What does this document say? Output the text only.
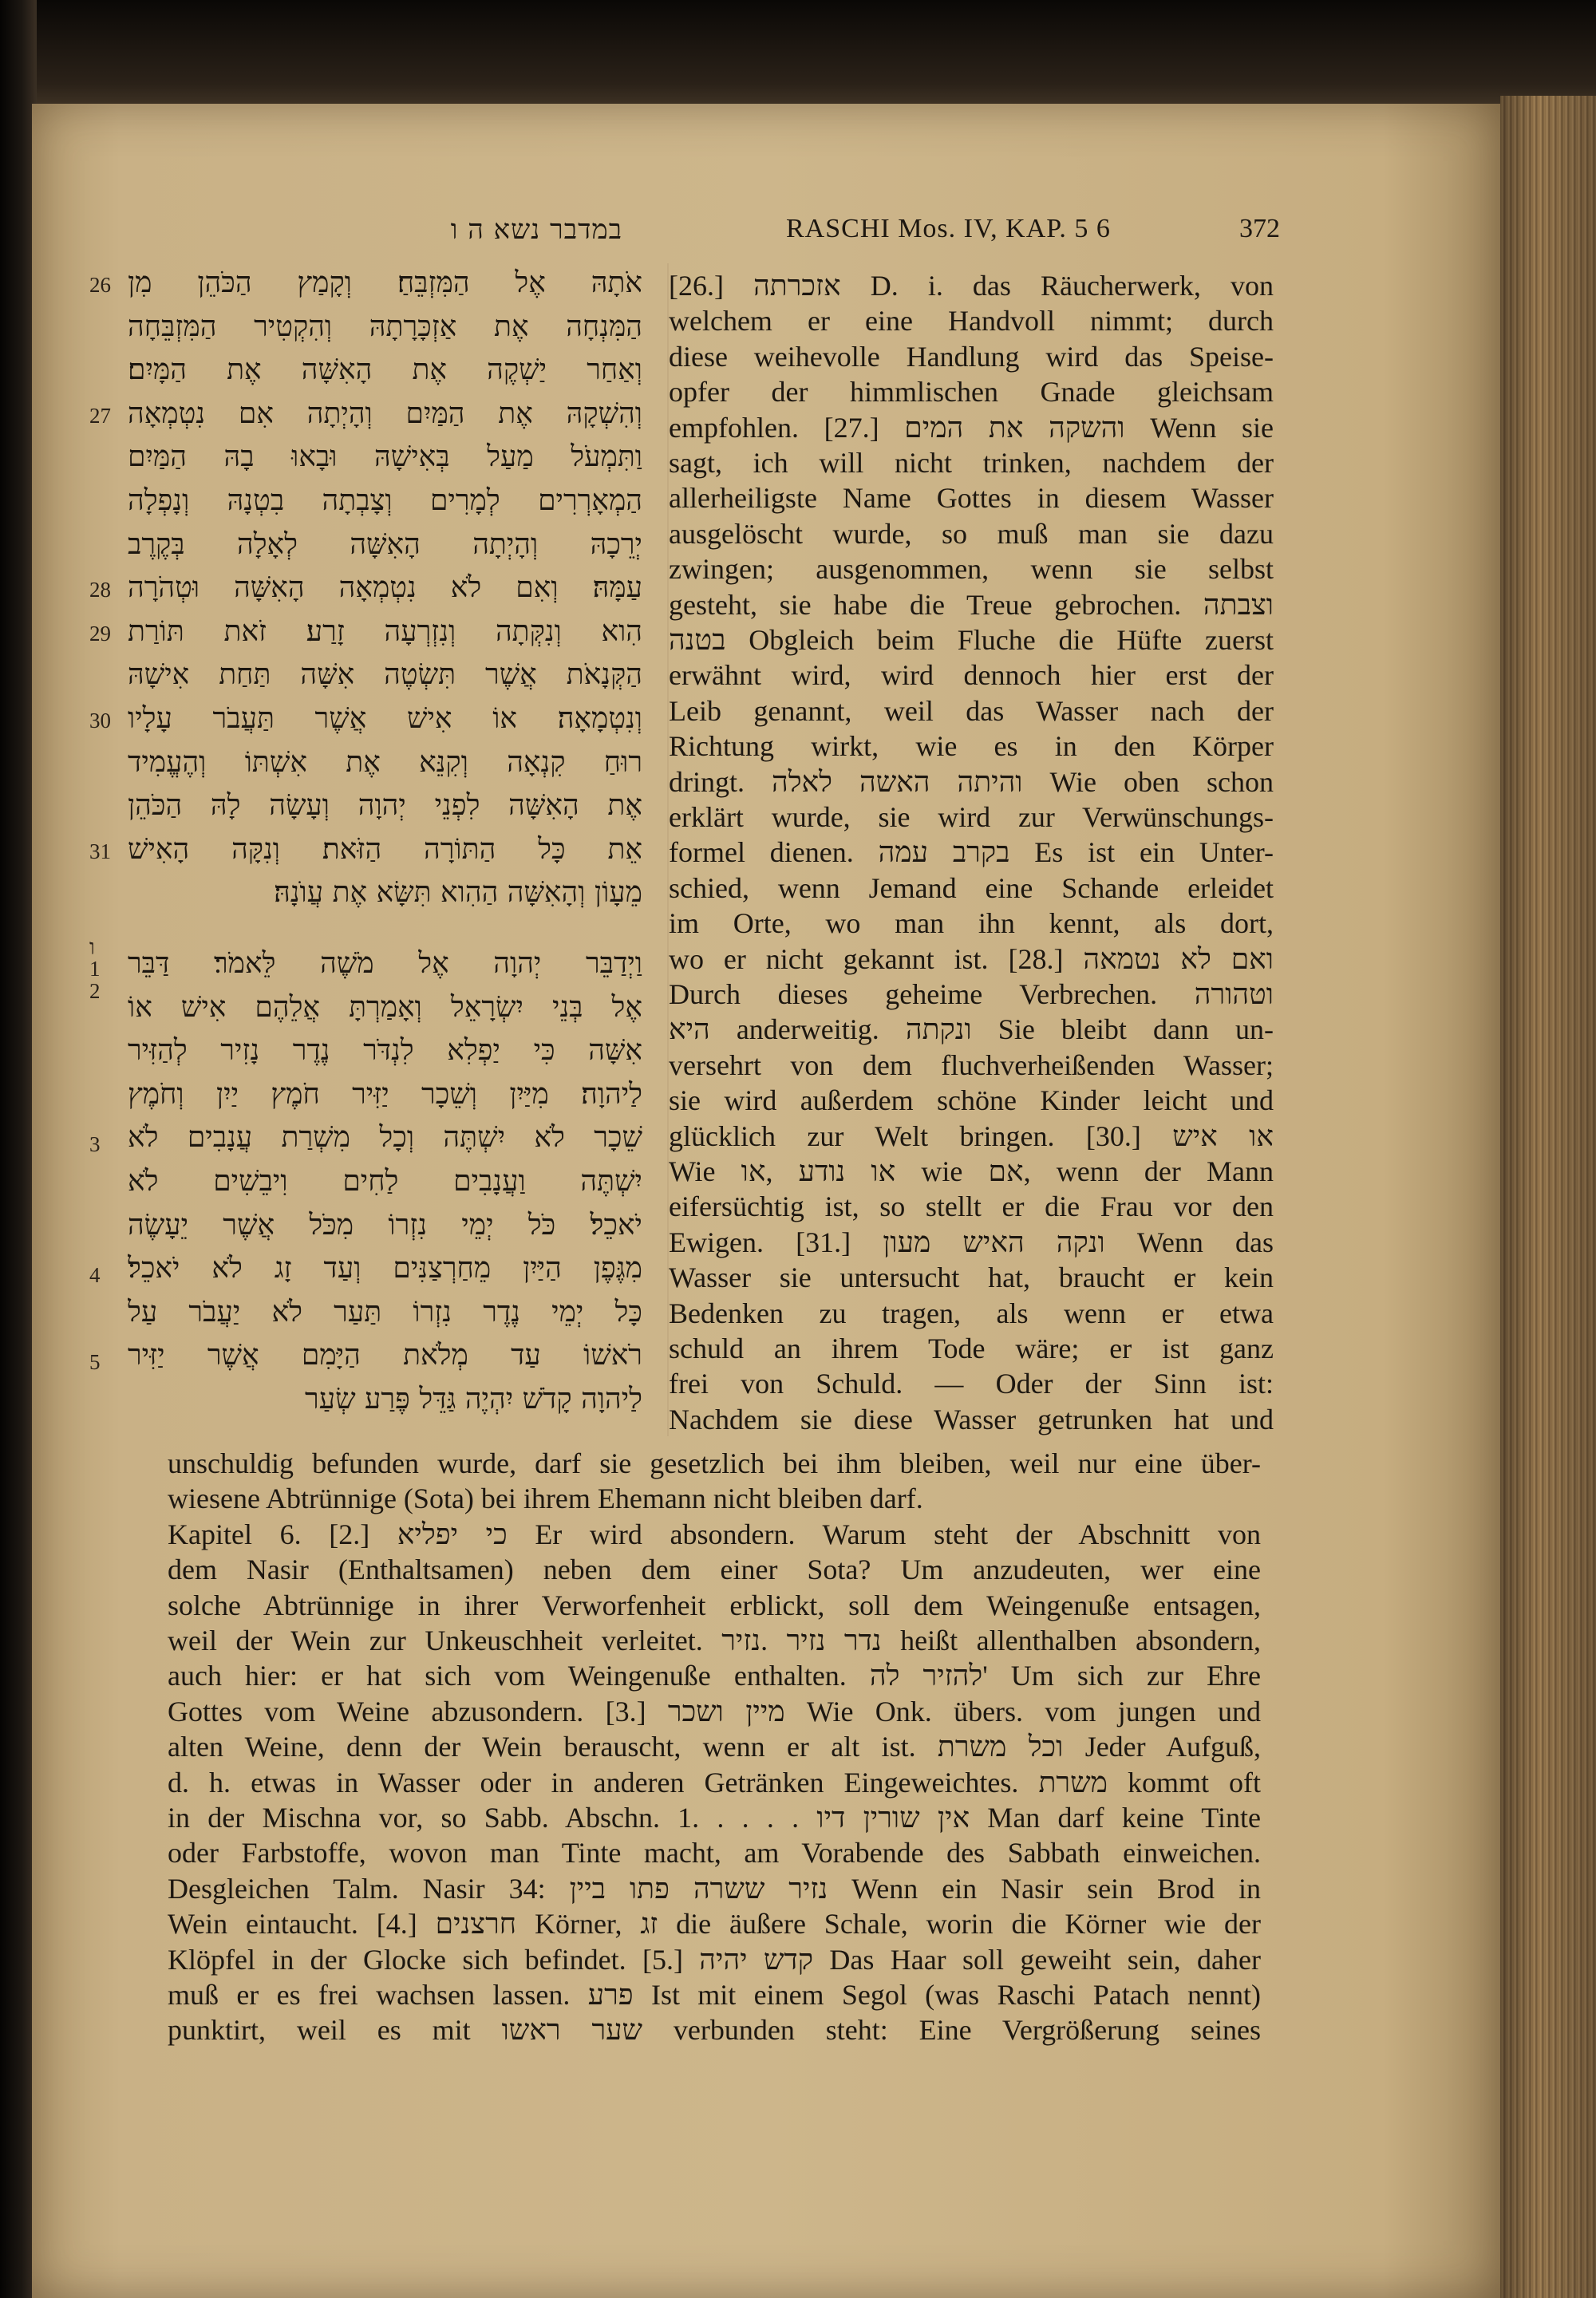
במדבר נשא ה ו	RASCHI Mos. IV, KAP. 5 6	372
אֹתָהּ אֶל הַמִּזְבֵּחַ׃ וְקָמַץ הַכֹּהֵן מִן
הַמִּנְחָה אֶת אַזְכָּרָתָהּ וְהִקְטִיר הַמִּזְבֵּחָה
וְאַחַר יַשְׁקֶה אֶת הָאִשָּׁה אֶת הַמָּיִם׃
וְהִשְׁקָהּ אֶת הַמַּיִם וְהָיְתָה אִם נִטְמְאָה
וַתִּמְעֹל מַעַל בְּאִישָׁהּ וּבָאוּ בָהּ הַמַּיִם
הַמְאָרְרִים לְמָרִים וְצָבְתָה בִטְנָהּ וְנָפְלָה
יְרֵכָהּ וְהָיְתָה הָאִשָּׁה לְאָלָה בְּקֶרֶב
עַמָּהּ׃ וְאִם לֹא נִטְמְאָה הָאִשָּׁה וּטְהֹרָה
הִוא וְנִקְּתָה וְנִזְרְעָה זָרַע׃ זֹאת תּוֹרַת
הַקְּנָאֹת אֲשֶׁר תִּשְׂטֶה אִשָּׁה תַּחַת אִישָׁהּ
וְנִטְמָאָה׃ אוֹ אִישׁ אֲשֶׁר תַּעֲבֹר עָלָיו
רוּחַ קִנְאָה וְקִנֵּא אֶת אִשְׁתּוֹ וְהֶעֱמִיד
אֶת הָאִשָּׁה לִפְנֵי יְהוָה וְעָשָׂה לָהּ הַכֹּהֵן
אֵת כָּל הַתּוֹרָה הַזֹּאת׃ וְנִקָּה הָאִישׁ
מֵעָוֹן וְהָאִשָּׁה הַהִוא תִּשָּׂא אֶת עֲוֺנָהּ׃
וַיְדַבֵּר יְהוָה אֶל מֹשֶׁה לֵּאמֹר׃ דַּבֵּר
אֶל בְּנֵי יִשְׂרָאֵל וְאָמַרְתָּ אֲלֵהֶם אִישׁ אוֹ
אִשָּׁה כִּי יַפְלִא לִנְדֹּר נֶדֶר נָזִיר לְהַזִּיר
לַיהוָה׃ מִיַּיִן וְשֵׁכָר יַזִּיר חֹמֶץ יַיִן וְחֹמֶץ
שֵׁכָר לֹא יִשְׁתֶּה וְכָל מִשְׁרַת עֲנָבִים לֹא
יִשְׁתֶּה וַעֲנָבִים לַחִים וִיבֵשִׁים לֹא
יֹאכֵל׃ כֹּל יְמֵי נִזְרוֹ מִכֹּל אֲשֶׁר יֵעָשֶׂה
מִגֶּפֶן הַיַּיִן מֵחַרְצַנִּים וְעַד זָג לֹא יֹאכֵל׃
כָּל יְמֵי נֶדֶר נִזְרוֹ תַּעַר לֹא יַעֲבֹר עַל
רֹאשׁוֹ עַד מְלֹאת הַיָּמִם אֲשֶׁר יַזִּיר
לַיהוָה קָדֹשׁ יִהְיֶה גַּדֵּל פֶּרַע שְׂעַר
26
27
28
29
30
31
ו
1
2
3
4
5
[26.] אזכרתה D. i. das Räucherwerk, von
welchem er eine Handvoll nimmt; durch
diese weihevolle Handlung wird das Speise-
opfer der himmlischen Gnade gleichsam
empfohlen. [27.] והשקה את המים Wenn sie
sagt, ich will nicht trinken, nachdem der
allerheiligste Name Gottes in diesem Wasser
ausgelöscht wurde, so muß man sie dazu
zwingen; ausgenommen, wenn sie selbst
gesteht, sie habe die Treue gebrochen. וצבתה
בטנה Obgleich beim Fluche die Hüfte zuerst
erwähnt wird, wird dennoch hier erst der
Leib genannt, weil das Wasser nach der
Richtung wirkt, wie es in den Körper
dringt. והיתה האשה לאלה Wie oben schon
erklärt wurde, sie wird zur Verwünschungs-
formel dienen. בקרב עמה Es ist ein Unter-
schied, wenn Jemand eine Schande erleidet
im Orte, wo man ihn kennt, als dort,
wo er nicht gekannt ist. [28.] ואם לא נטמאה
Durch dieses geheime Verbrechen. וטהורה
היא anderweitig. ונקתה Sie bleibt dann un-
versehrt von dem fluchverheißenden Wasser;
sie wird außerdem schöne Kinder leicht und
glücklich zur Welt bringen. [30.] או איש
Wie או נודע ,או wie אם, wenn der Mann
eifersüchtig ist, so stellt er die Frau vor den
Ewigen. [31.] ונקה האיש מעון Wenn das
Wasser sie untersucht hat, braucht er kein
Bedenken zu tragen, als wenn er etwa
schuld an ihrem Tode wäre; er ist ganz
frei von Schuld. — Oder der Sinn ist:
Nachdem sie diese Wasser getrunken hat und
unschuldig befunden wurde, darf sie gesetzlich bei ihm bleiben, weil nur eine über-
wiesene Abtrünnige (Sota) bei ihrem Ehemann nicht bleiben darf.
Kapitel 6. [2.] כי יפליא Er wird absondern. Warum steht der Abschnitt von
dem Nasir (Enthaltsamen) neben dem einer Sota? Um anzudeuten, wer eine
solche Abtrünnige in ihrer Verworfenheit erblickt, soll dem Weingenuße entsagen,
weil der Wein zur Unkeuschheit verleitet. נדר נזיר .נזיר heißt allenthalben absondern,
auch hier: er hat sich vom Weingenuße enthalten. להזיר לה' Um sich zur Ehre
Gottes vom Weine abzusondern. [3.] מיין ושכר Wie Onk. übers. vom jungen und
alten Weine, denn der Wein berauscht, wenn er alt ist. וכל משרת Jeder Aufguß,
d. h. etwas in Wasser oder in anderen Getränken Eingeweichtes. משרת kommt oft
in der Mischna vor, so Sabb. Abschn. 1. . . . . אין שורין דיו Man darf keine Tinte
oder Farbstoffe, wovon man Tinte macht, am Vorabende des Sabbath einweichen.
Desgleichen Talm. Nasir 34: נזיר ששרה פתו ביין Wenn ein Nasir sein Brod in
Wein eintaucht. [4.] חרצנים Körner, זג die äußere Schale, worin die Körner wie der
Klöpfel in der Glocke sich befindet. [5.] קדש יהיה Das Haar soll geweiht sein, daher
muß er es frei wachsen lassen. פרע Ist mit einem Segol (was Raschi Patach nennt)
punktirt, weil es mit שער ראשו verbunden steht: Eine Vergrößerung seines
